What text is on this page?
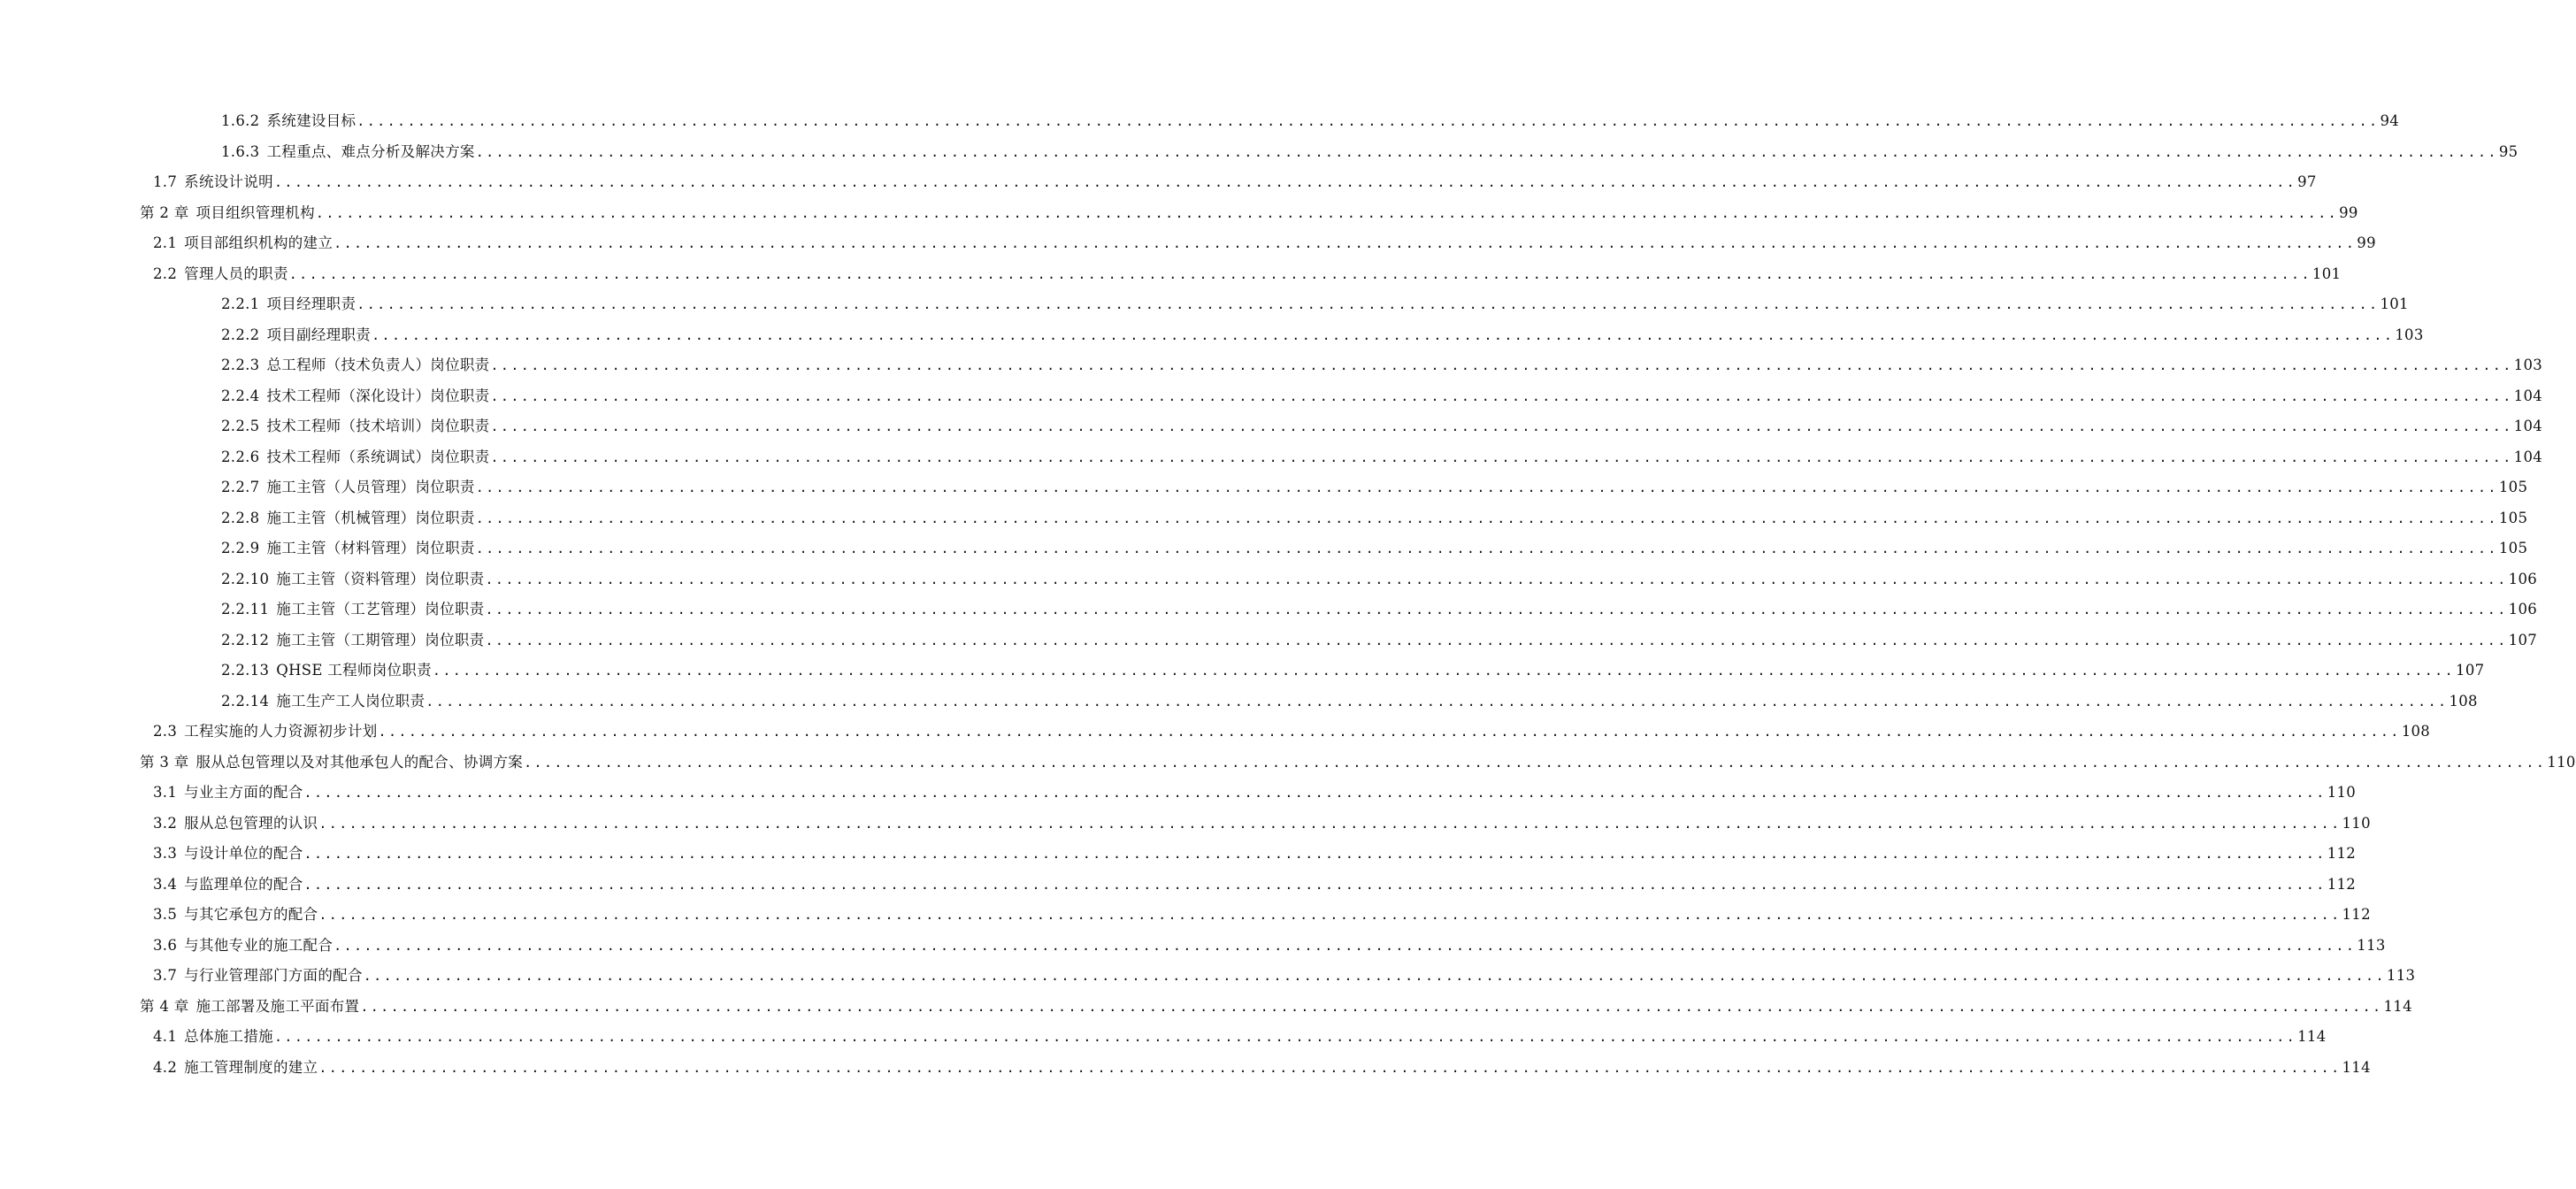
1.6.2 系统建设目标 ........................................................................................................................................................................................................ 94
1.6.3 工程重点、难点分析及解决方案 ........................................................................................................................................................................................................ 95
1.7 系统设计说明 ........................................................................................................................................................................................................ 97
第 2 章 项目组织管理机构 ........................................................................................................................................................................................................ 99
2.1 项目部组织机构的建立 ........................................................................................................................................................................................................ 99
2.2 管理人员的职责 ........................................................................................................................................................................................................ 101
2.2.1 项目经理职责 ........................................................................................................................................................................................................ 101
2.2.2 项目副经理职责 ........................................................................................................................................................................................................ 103
2.2.3 总工程师（技术负责人）岗位职责 ........................................................................................................................................................................................................ 103
2.2.4 技术工程师（深化设计）岗位职责 ........................................................................................................................................................................................................ 104
2.2.5 技术工程师（技术培训）岗位职责 ........................................................................................................................................................................................................ 104
2.2.6 技术工程师（系统调试）岗位职责 ........................................................................................................................................................................................................ 104
2.2.7 施工主管（人员管理）岗位职责 ........................................................................................................................................................................................................ 105
2.2.8 施工主管（机械管理）岗位职责 ........................................................................................................................................................................................................ 105
2.2.9 施工主管（材料管理）岗位职责 ........................................................................................................................................................................................................ 105
2.2.10 施工主管（资料管理）岗位职责 ........................................................................................................................................................................................................ 106
2.2.11 施工主管（工艺管理）岗位职责 ........................................................................................................................................................................................................ 106
2.2.12 施工主管（工期管理）岗位职责 ........................................................................................................................................................................................................ 107
2.2.13 QHSE 工程师岗位职责 ........................................................................................................................................................................................................ 107
2.2.14 施工生产工人岗位职责 ........................................................................................................................................................................................................ 108
2.3 工程实施的人力资源初步计划 ........................................................................................................................................................................................................ 108
第 3 章 服从总包管理以及对其他承包人的配合、协调方案 ........................................................................................................................................................................................................ 110
3.1 与业主方面的配合 ........................................................................................................................................................................................................ 110
3.2 服从总包管理的认识 ........................................................................................................................................................................................................ 110
3.3 与设计单位的配合 ........................................................................................................................................................................................................ 112
3.4 与监理单位的配合 ........................................................................................................................................................................................................ 112
3.5 与其它承包方的配合 ........................................................................................................................................................................................................ 112
3.6 与其他专业的施工配合 ........................................................................................................................................................................................................ 113
3.7 与行业管理部门方面的配合 ........................................................................................................................................................................................................ 113
第 4 章 施工部署及施工平面布置 ........................................................................................................................................................................................................ 114
4.1 总体施工措施 ........................................................................................................................................................................................................ 114
4.2 施工管理制度的建立 ........................................................................................................................................................................................................ 114
